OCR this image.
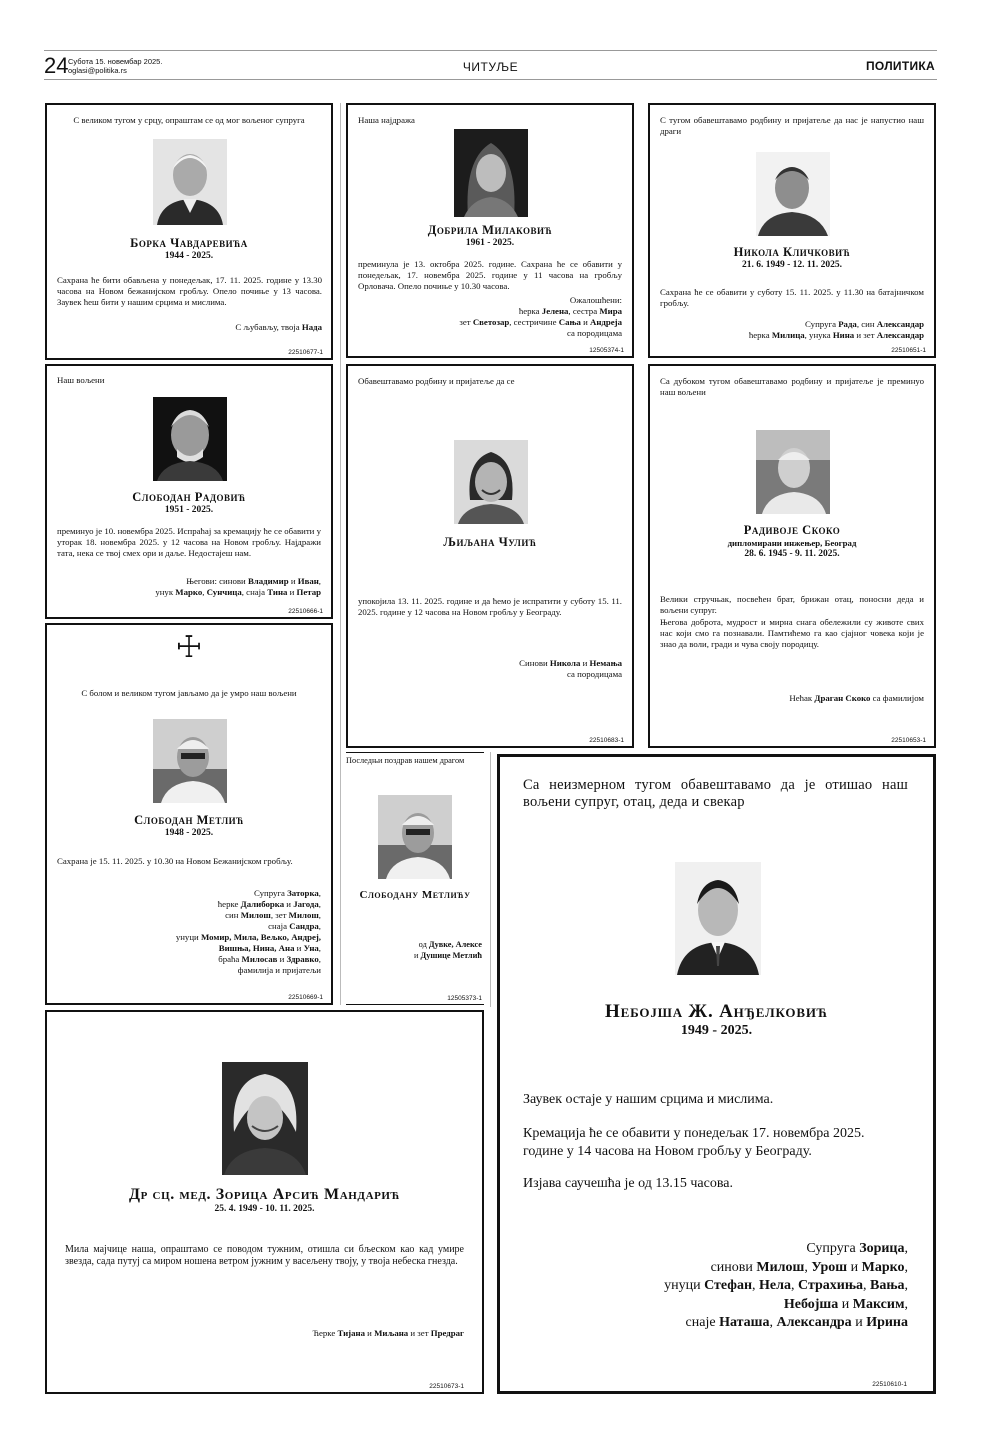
24 Субота 15. новембар 2025.
oglasi@politika.rs	ЧИТУЉЕ	ПОЛИТИКА
С великом тугом у срцу, опраштам се од мог вољеног супруга
Борка Чавдаревића
1944 - 2025.
Сахрана ће бити обављена у понедељак, 17. 11. 2025. године у 13.30 часова на Новом бежанијском гробљу. Опело почиње у 13 часова. Заувек ћеш бити у нашим срцима и мислима.
С љубављу, твоја Нада
22510677-1
Наша најдража
Добрила Милаковић
1961 - 2025.
преминула је 13. октобра 2025. године. Сахрана ће се обавити у понедељак, 17. новембра 2025. године у 11 часова на гробљу Орловача. Опело почиње у 10.30 часова.
Ожалошћени:
ћерка Јелена, сестра Мира
зет Светозар, сестричине Сања и Андреја
са породицама
12505374-1
С тугом обавештавамо родбину и пријатеље да нас је напустио наш драги
Никола Кличковић
21. 6. 1949 - 12. 11. 2025.
Сахрана ће се обавити у суботу 15. 11. 2025. у 11.30 на батајничком гробљу.
Супруга Рада, син Александар
ћерка Милица, унука Нина и зет Александар
22510651-1
Наш вољени
Слободан Радовић
1951 - 2025.
преминуо је 10. новембра 2025. Испраћај за кремацију ће се обавити у уторак 18. новембра 2025. у 12 часова на Новом гробљу. Најдражи тата, нека се твој смех ори и даље. Недостајеш нам.
Његови: синови Владимир и Иван,
унук Марко, Сунчица, снаја Тина и Петар
22510666-1
Обавештавамо родбину и пријатеље да се
Љиљана Чулић
упокојила 13. 11. 2025. године и да ћемо је испратити у суботу 15. 11. 2025. године у 12 часова на Новом гробљу у Београду.
Синови Никола и Немања
са породицама
22510683-1
Са дубоком тугом обавештавамо родбину и пријатеље је преминуо наш вољени
Радивоје Скоко
дипломирани инжењер, Београд
28. 6. 1945 - 9. 11. 2025.
Велики стручњак, посвећен брат, брижан отац, поносни деда и вољени супруг.
Његова доброта, мудрост и мирна снага обележили су животе свих нас који смо га познавали. Памтићемо га као сјајног човека који је знао да воли, гради и чува своју породицу.
Нећак Драган Скоко са фамилијом
22510653-1
☩
С болом и великом тугом јављамо да је умро наш вољени
Слободан Метлић
1948 - 2025.
Сахрана је 15. 11. 2025. у 10.30 на Новом Бежанијском гробљу.
Супруга Заторка,
ћерке Далиборка и Јагода,
син Милош, зет Милош,
снаја Сандра,
унуци Момир, Мила, Вељко, Андреј,
Вишња, Нина, Ана и Уна,
браћа Милосав и Здравко,
фамилија и пријатељи
22510669-1
Последњи поздрав нашем драгом
Слободану Метлићу
од Дувке, Алексе
и Душице Метлић
12505373-1
Са неизмерном тугом обавештавамо да је отишао наш вољени супруг, отац, деда и свекар
Небојша Ж. Анђелковић
1949 - 2025.
Заувек остаје у нашим срцима и мислима.
Кремација ће се обавити у понедељак 17. новембра 2025. године у 14 часова на Новом гробљу у Београду.
Изјава саучешћа је од 13.15 часова.
Супруга Зорица,
синови Милош, Урош и Марко,
унуци Стефан, Нела, Страхиња, Вања,
Небојша и Максим,
снаје Наташа, Александра и Ирина
22510610-1
Др сц. мед. Зорица Арсић Мандарић
25. 4. 1949 - 10. 11. 2025.
Мила мајчице наша, опраштамо се поводом тужним, отишла си бљеском као кад умире звезда, сада путуј са миром ношена ветром јужним у васељену твоју, у твоја небеска гнезда.
Ћерке Тијана и Миљана и зет Предраг
22510673-1
